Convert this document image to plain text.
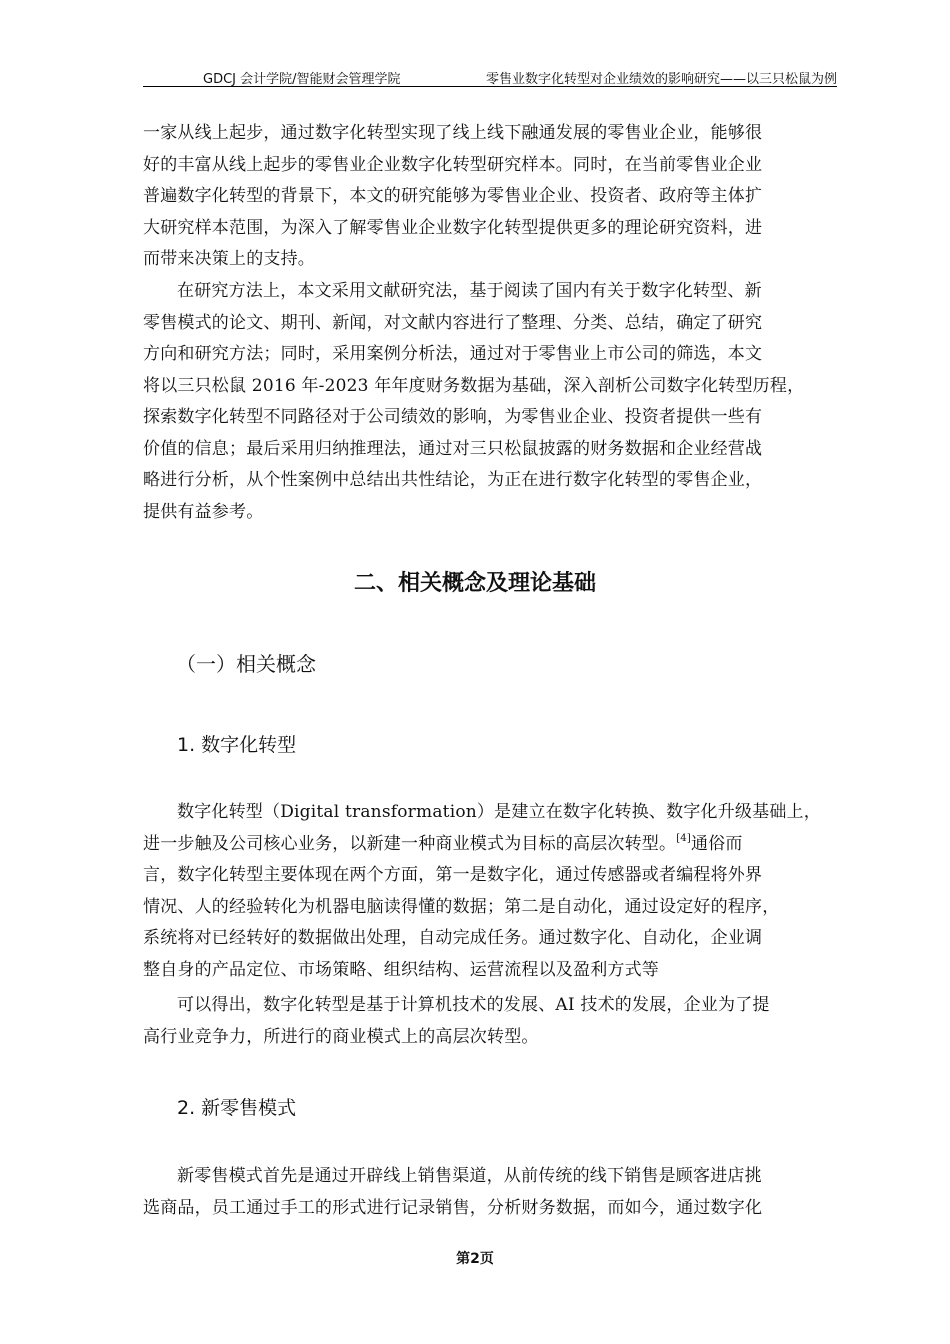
GDCJ 会计学院/智能财会管理学院	零售业数字化转型对企业绩效的影响研究——以三只松鼠为例
一家从线上起步，通过数字化转型实现了线上线下融通发展的零售业企业，能够很
好的丰富从线上起步的零售业企业数字化转型研究样本。同时，在当前零售业企业
普遍数字化转型的背景下，本文的研究能够为零售业企业、投资者、政府等主体扩
大研究样本范围，为深入了解零售业企业数字化转型提供更多的理论研究资料，进
而带来决策上的支持。
在研究方法上，本文采用文献研究法，基于阅读了国内有关于数字化转型、新
零售模式的论文、期刊、新闻，对文献内容进行了整理、分类、总结，确定了研究
方向和研究方法；同时，采用案例分析法，通过对于零售业上市公司的筛选，本文
将以三只松鼠 2016 年-2023 年年度财务数据为基础，深入剖析公司数字化转型历程，
探索数字化转型不同路径对于公司绩效的影响，为零售业企业、投资者提供一些有
价值的信息；最后采用归纳推理法，通过对三只松鼠披露的财务数据和企业经营战
略进行分析，从个性案例中总结出共性结论，为正在进行数字化转型的零售企业，
提供有益参考。
二、相关概念及理论基础
（一）相关概念
1. 数字化转型
数字化转型（Digital transformation）是建立在数字化转换、数字化升级基础上，
进一步触及公司核心业务，以新建一种商业模式为目标的高层次转型。[4]通俗而
言，数字化转型主要体现在两个方面，第一是数字化，通过传感器或者编程将外界
情况、人的经验转化为机器电脑读得懂的数据；第二是自动化，通过设定好的程序，
系统将对已经转好的数据做出处理，自动完成任务。通过数字化、自动化，企业调
整自身的产品定位、市场策略、组织结构、运营流程以及盈利方式等
可以得出，数字化转型是基于计算机技术的发展、AI 技术的发展，企业为了提
高行业竞争力，所进行的商业模式上的高层次转型。
2. 新零售模式
新零售模式首先是通过开辟线上销售渠道，从前传统的线下销售是顾客进店挑
选商品，员工通过手工的形式进行记录销售，分析财务数据，而如今，通过数字化
第2页
